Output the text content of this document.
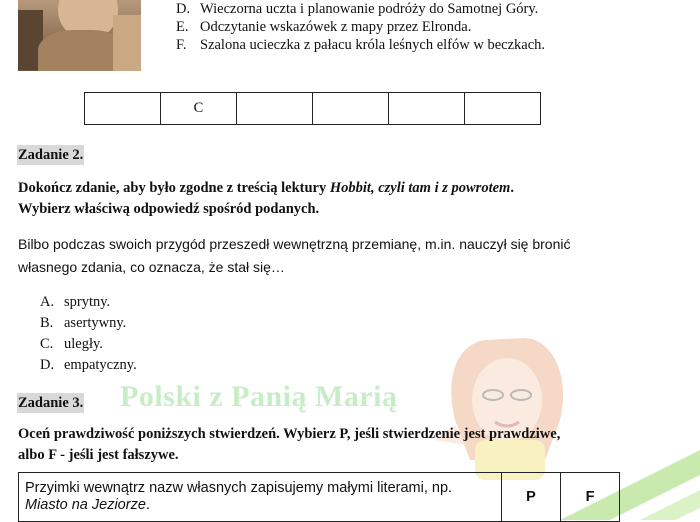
D. Wieczorna uczta i planowanie podróży do Samotnej Góry.
E. Odczytanie wskazówek z mapy przez Elronda.
F. Szalona ucieczka z pałacu króla leśnych elfów w beczkach.
	C				
Zadanie 2.
Dokończ zdanie, aby było zgodne z treścią lektury Hobbit, czyli tam i z powrotem.
Wybierz właściwą odpowiedź spośród podanych.
Bilbo podczas swoich przygód przeszedł wewnętrzną przemianę, m.in. nauczył się bronić
własnego zdania, co oznacza, że stał się…
A. sprytny.
B. asertywny.
C. uległy.
D. empatyczny.
Polski z Panią Marią
Zadanie 3.
Oceń prawdziwość poniższych stwierdzeń. Wybierz P, jeśli stwierdzenie jest prawdziwe,
albo F - jeśli jest fałszywe.
Przyimki wewnątrz nazw własnych zapisujemy małymi literami, np. Miasto na Jeziorze.	P	F
